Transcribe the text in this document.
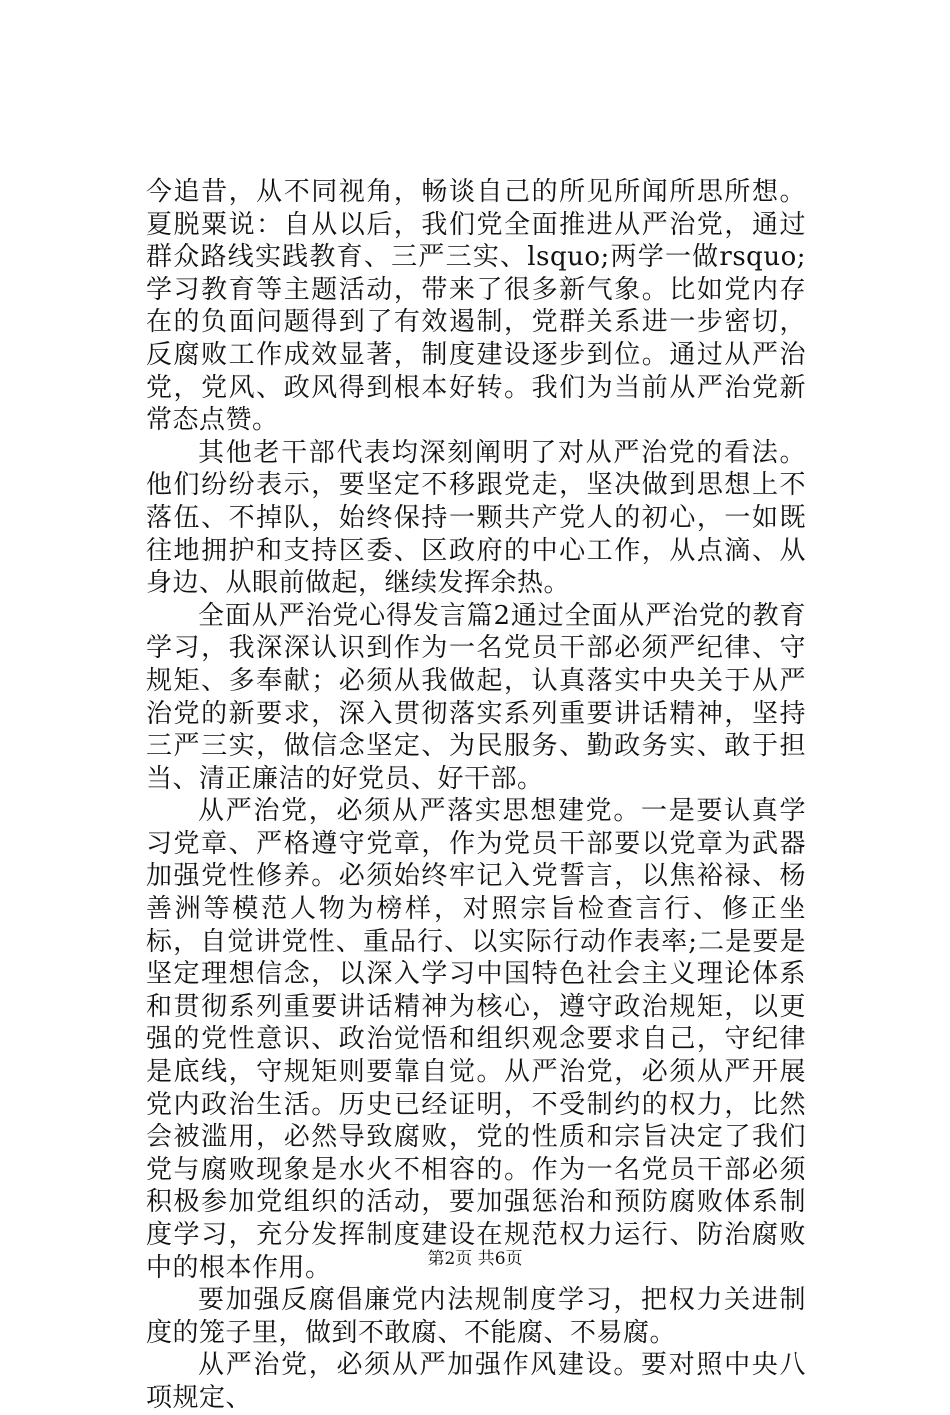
今追昔，从不同视角，畅谈自己的所见所闻所思所想。夏脱粟说：自从以后，我们党全面推进从严治党，通过群众路线实践教育、三严三实、lsquo;两学一做rsquo;学习教育等主题活动，带来了很多新气象。比如党内存在的负面问题得到了有效遏制，党群关系进一步密切，反腐败工作成效显著，制度建设逐步到位。通过从严治党，党风、政风得到根本好转。我们为当前从严治党新常态点赞。

其他老干部代表均深刻阐明了对从严治党的看法。他们纷纷表示，要坚定不移跟党走，坚决做到思想上不落伍、不掉队，始终保持一颗共产党人的初心，一如既往地拥护和支持区委、区政府的中心工作，从点滴、从身边、从眼前做起，继续发挥余热。

全面从严治党心得发言篇2通过全面从严治党的教育学习，我深深认识到作为一名党员干部必须严纪律、守规矩、多奉献；必须从我做起，认真落实中央关于从严治党的新要求，深入贯彻落实系列重要讲话精神，坚持三严三实，做信念坚定、为民服务、勤政务实、敢于担当、清正廉洁的好党员、好干部。

从严治党，必须从严落实思想建党。一是要认真学习党章、严格遵守党章，作为党员干部要以党章为武器加强党性修养。必须始终牢记入党誓言，以焦裕禄、杨善洲等模范人物为榜样，对照宗旨检查言行、修正坐标，自觉讲党性、重品行、以实际行动作表率;二是要是坚定理想信念，以深入学习中国特色社会主义理论体系和贯彻系列重要讲话精神为核心，遵守政治规矩，以更强的党性意识、政治觉悟和组织观念要求自己，守纪律是底线，守规矩则要靠自觉。从严治党，必须从严开展党内政治生活。历史已经证明，不受制约的权力，比然会被滥用，必然导致腐败，党的性质和宗旨决定了我们党与腐败现象是水火不相容的。作为一名党员干部必须积极参加党组织的活动，要加强惩治和预防腐败体系制度学习，充分发挥制度建设在规范权力运行、防治腐败中的根本作用。

要加强反腐倡廉党内法规制度学习，把权力关进制度的笼子里，做到不敢腐、不能腐、不易腐。

从严治党，必须从严加强作风建设。要对照中央八项规定、

第2页 共6页
